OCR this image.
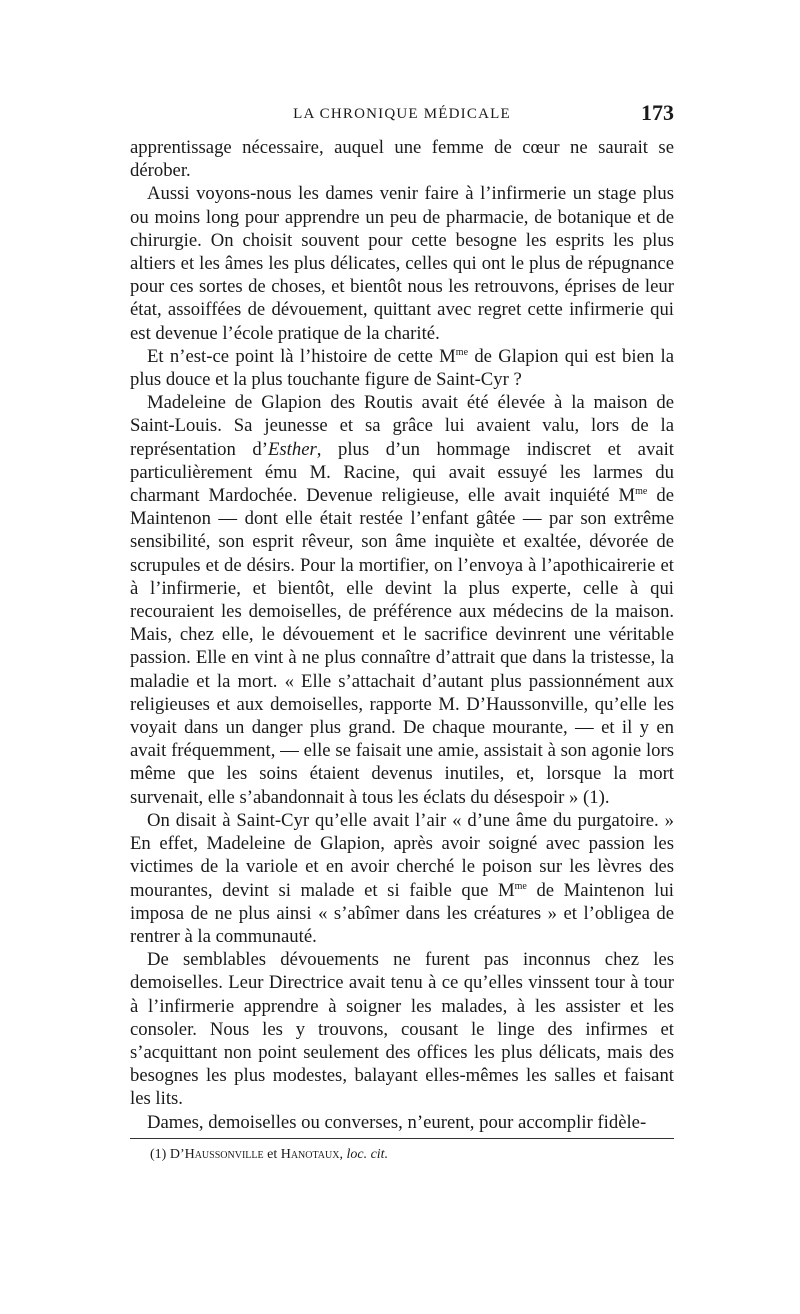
LA CHRONIQUE MÉDICALE	173

apprentissage nécessaire, auquel une femme de cœur ne saurait se dérober.

Aussi voyons-nous les dames venir faire à l’infirmerie un stage plus ou moins long pour apprendre un peu de pharmacie, de botanique et de chirurgie. On choisit souvent pour cette besogne les esprits les plus altiers et les âmes les plus délicates, celles qui ont le plus de répugnance pour ces sortes de choses, et bientôt nous les retrouvons, éprises de leur état, assoiffées de dévouement, quittant avec regret cette infirmerie qui est devenue l’école pratique de la charité.

Et n’est-ce point là l’histoire de cette $M^{me}$ de Glapion qui est bien la plus douce et la plus touchante figure de Saint-Cyr ?

Madeleine de Glapion des Routis avait été élevée à la maison de Saint-Louis. Sa jeunesse et sa grâce lui avaient valu, lors de la représentation d’Esther, plus d’un hommage indiscret et avait particulièrement ému M. Racine, qui avait essuyé les larmes du charmant Mardochée. Devenue religieuse, elle avait inquiété $M^{me}$ de Maintenon — dont elle était restée l’enfant gâtée — par son extrême sensibilité, son esprit rêveur, son âme inquiète et exaltée, dévorée de scrupules et de désirs. Pour la mortifier, on l’envoya à l’apothicairerie et à l’infirmerie, et bientôt, elle devint la plus experte, celle à qui recouraient les demoiselles, de préférence aux médecins de la maison. Mais, chez elle, le dévouement et le sacrifice devinrent une véritable passion. Elle en vint à ne plus connaître d’attrait que dans la tristesse, la maladie et la mort. « Elle s’attachait d’autant plus passionnément aux religieuses et aux demoiselles, rapporte M. D’Haussonville, qu’elle les voyait dans un danger plus grand. De chaque mourante, — et il y en avait fréquemment, — elle se faisait une amie, assistait à son agonie lors même que les soins étaient devenus inutiles, et, lorsque la mort survenait, elle s’abandonnait à tous les éclats du désespoir » (1).

On disait à Saint-Cyr qu’elle avait l’air « d’une âme du purgatoire. » En effet, Madeleine de Glapion, après avoir soigné avec passion les victimes de la variole et en avoir cherché le poison sur les lèvres des mourantes, devint si malade et si faible que $M^{me}$ de Maintenon lui imposa de ne plus ainsi « s’abîmer dans les créatures » et l’obligea de rentrer à la communauté.

De semblables dévouements ne furent pas inconnus chez les demoiselles. Leur Directrice avait tenu à ce qu’elles vinssent tour à tour à l’infirmerie apprendre à soigner les malades, à les assister et les consoler. Nous les y trouvons, cousant le linge des infirmes et s’acquittant non point seulement des offices les plus délicats, mais des besognes les plus modestes, balayant elles-mêmes les salles et faisant les lits.

Dames, demoiselles ou converses, n’eurent, pour accomplir fidèle-

(1) D’Haussonville et Hanotaux, loc. cit.
